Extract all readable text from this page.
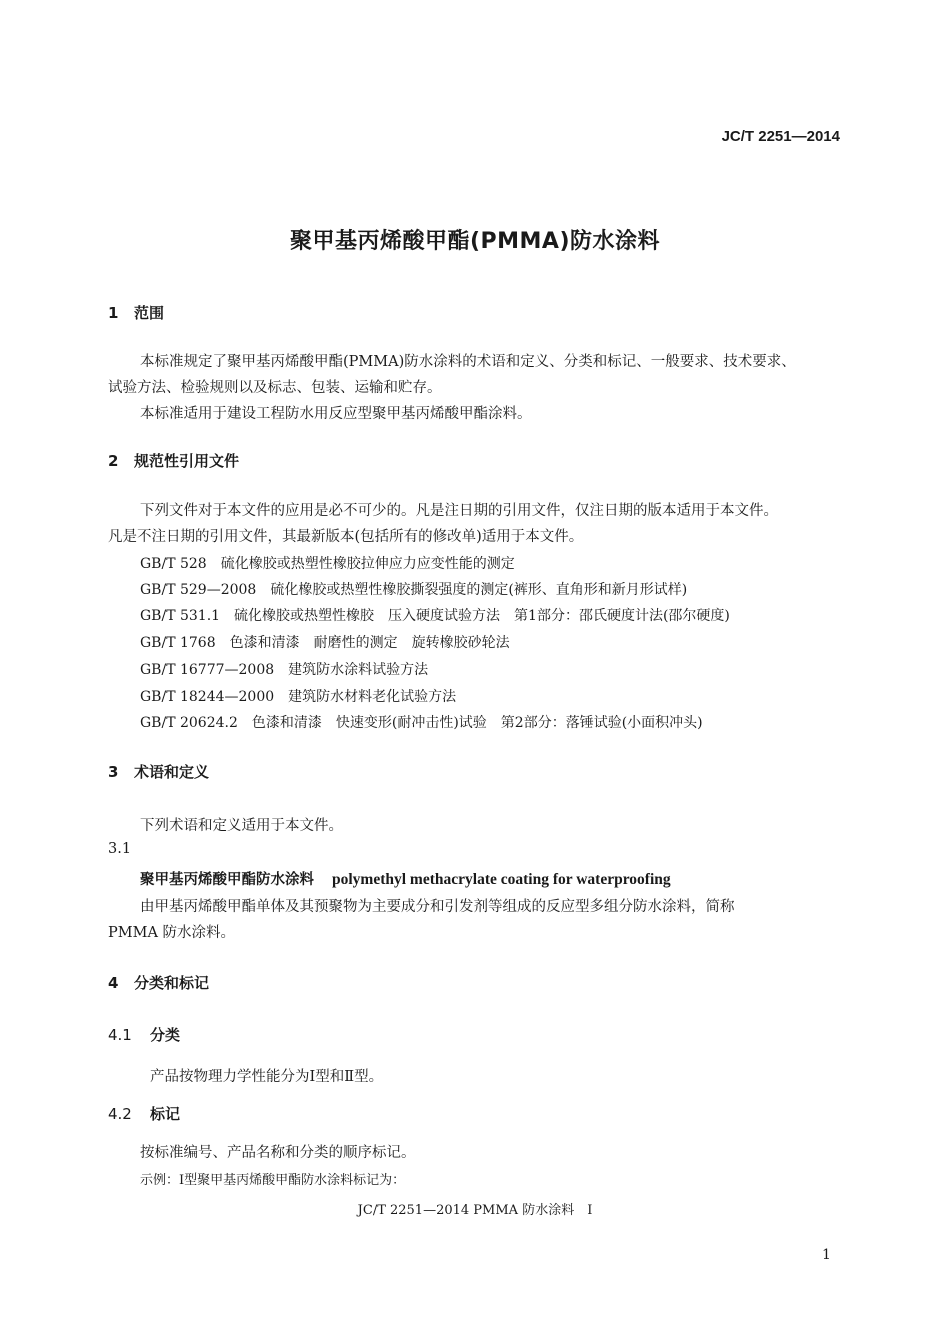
JC/T 2251—2014
聚甲基丙烯酸甲酯(PMMA)防水涂料
1 范围
本标准规定了聚甲基丙烯酸甲酯(PMMA)防水涂料的术语和定义、分类和标记、一般要求、技术要求、
试验方法、检验规则以及标志、包装、运输和贮存。
本标准适用于建设工程防水用反应型聚甲基丙烯酸甲酯涂料。
2 规范性引用文件
下列文件对于本文件的应用是必不可少的。凡是注日期的引用文件，仅注日期的版本适用于本文件。
凡是不注日期的引用文件，其最新版本(包括所有的修改单)适用于本文件。
GB/T 528　硫化橡胶或热塑性橡胶拉伸应力应变性能的测定
GB/T 529—2008　硫化橡胶或热塑性橡胶撕裂强度的测定(裤形、直角形和新月形试样)
GB/T 531.1　硫化橡胶或热塑性橡胶　压入硬度试验方法　第1部分：邵氏硬度计法(邵尔硬度)
GB/T 1768　色漆和清漆　耐磨性的测定　旋转橡胶砂轮法
GB/T 16777—2008　建筑防水涂料试验方法
GB/T 18244—2000　建筑防水材料老化试验方法
GB/T 20624.2　色漆和清漆　快速变形(耐冲击性)试验　第2部分：落锤试验(小面积冲头)
3 术语和定义
下列术语和定义适用于本文件。
3.1
聚甲基丙烯酸甲酯防水涂料 polymethyl methacrylate coating for waterproofing
由甲基丙烯酸甲酯单体及其预聚物为主要成分和引发剂等组成的反应型多组分防水涂料，简称
PMMA 防水涂料。
4 分类和标记
4.1 分类
产品按物理力学性能分为Ⅰ型和Ⅱ型。
4.2 标记
按标准编号、产品名称和分类的顺序标记。
示例：Ⅰ型聚甲基丙烯酸甲酯防水涂料标记为：
JC/T 2251—2014 PMMA 防水涂料　Ⅰ
1
